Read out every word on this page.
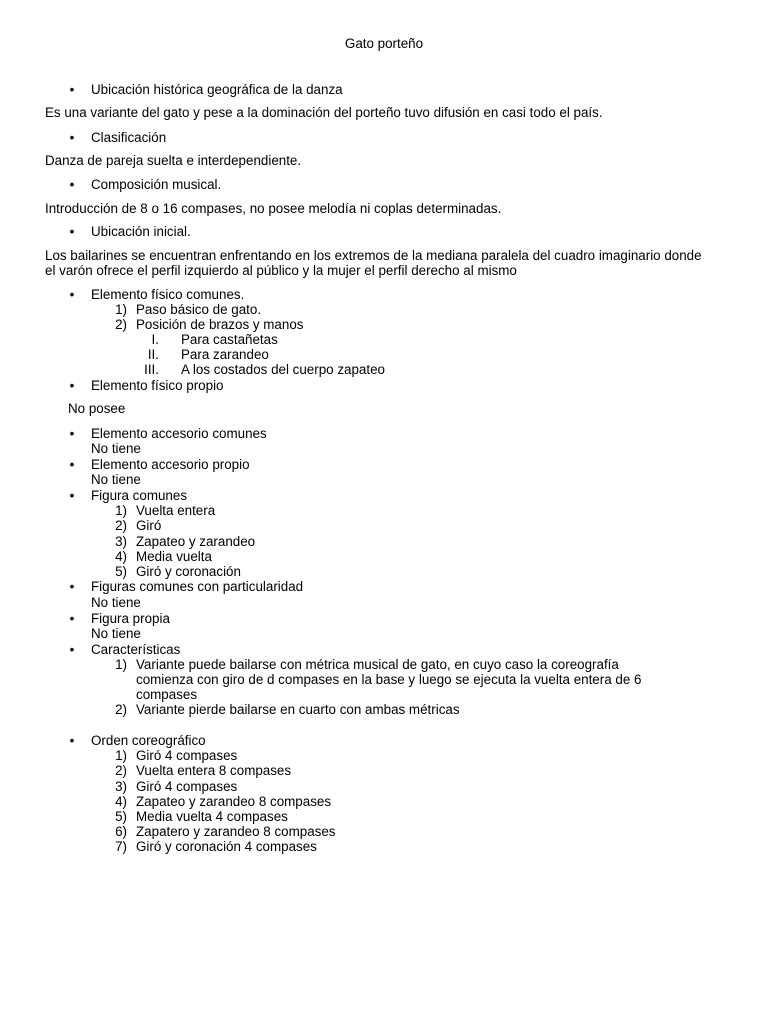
Gato porteño
• Ubicación histórica geográfica de la danza
Es una variante del gato y pese a la dominación del porteño tuvo difusión en casi todo el país.
• Clasificación
Danza de pareja suelta e interdependiente.
• Composición musical.
Introducción de 8 o 16 compases, no posee melodía ni coplas determinadas.
• Ubicación inicial.
Los bailarines se encuentran enfrentando en los extremos de la mediana paralela del cuadro imaginario donde el varón ofrece el perfil izquierdo al público y la mujer el perfil derecho al mismo
• Elemento físico comunes.
1) Paso básico de gato.
2) Posición de brazos y manos
I. Para castañetas
II. Para zarandeo
III. A los costados del cuerpo zapateo
• Elemento físico propio
No posee
• Elemento accesorio comunes
No tiene
• Elemento accesorio propio
No tiene
• Figura comunes
1) Vuelta entera
2) Giró
3) Zapateo y zarandeo
4) Media vuelta
5) Giró y coronación
• Figuras comunes con particularidad
No tiene
• Figura propia
No tiene
• Características
1) Variante puede bailarse con métrica musical de gato, en cuyo caso la coreografía
comienza con giro de d compases en la base y luego se ejecuta la vuelta entera de 6
compases
2) Variante pierde bailarse en cuarto con ambas métricas
• Orden coreográfico
1) Giró 4 compases
2) Vuelta entera 8 compases
3) Giró 4 compases
4) Zapateo y zarandeo 8 compases
5) Media vuelta 4 compases
6) Zapatero y zarandeo 8 compases
7) Giró y coronación 4 compases
